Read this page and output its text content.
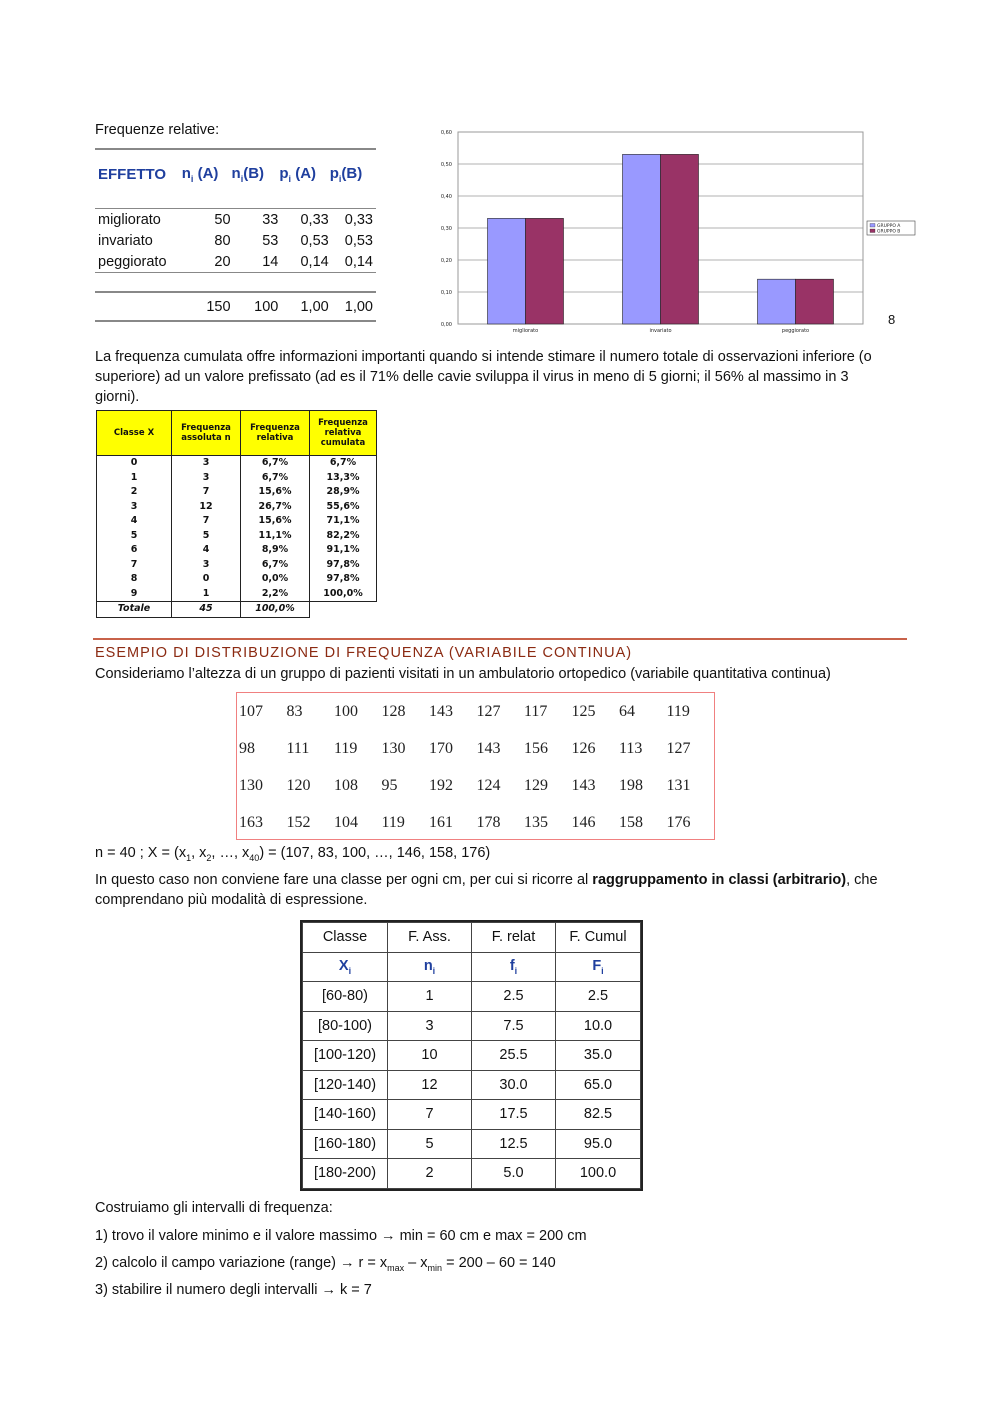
Frequenze relative:
EFFETTO	$n_i$ (A)	$n_i(B)$	$p_i$ (A)	$p_i(B)$

migliorato	50	33	0,33	0,33
invariato	80	53	0,53	0,53
peggiorato	20	14	0,14	0,14

	150	100	1,00	1,00
0,00
0,10
0,20
0,30
0,40
0,50
0,60
migliorato	invariato	peggiorato
GRUPPO A
GRUPPO B
8
La frequenza cumulata offre informazioni importanti quando si intende stimare il numero totale di osservazioni inferiore (o superiore) ad un valore prefissato (ad es il 71% delle cavie sviluppa il virus in meno di 5 giorni; il 56% al massimo in 3 giorni).
Classe X	Frequenza assoluta n	Frequenza relativa	Frequenza relativa cumulata
0	3	6,7%	6,7%
1	3	6,7%	13,3%
2	7	15,6%	28,9%
3	12	26,7%	55,6%
4	7	15,6%	71,1%
5	5	11,1%	82,2%
6	4	8,9%	91,1%
7	3	6,7%	97,8%
8	0	0,0%	97,8%
9	1	2,2%	100,0%
Totale	45	100,0%	
ESEMPIO DI DISTRIBUZIONE DI FREQUENZA (VARIABILE CONTINUA)
Consideriamo l’altezza di un gruppo di pazienti visitati in un ambulatorio ortopedico (variabile quantitativa continua)
107	83	100	128	143	127	117	125	64	119
98	111	119	130	170	143	156	126	113	127
130	120	108	95	192	124	129	143	198	131
163	152	104	119	161	178	135	146	158	176
n = 40 ; $X = (x_1$, $x_2$, …, $x_{40}) = (107$, 83, 100, …, 146, 158, 176)
In questo caso non conviene fare una classe per ogni cm, per cui si ricorre al raggruppamento in classi (arbitrario), che comprendano più modalità di espressione.
Classe	F. Ass.	F. relat	F. Cumul
$X_i$	$n_i$	$f_i$	$F_i$
[60-80)	1	2.5	2.5
[80-100)	3	7.5	10.0
[100-120)	10	25.5	35.0
[120-140)	12	30.0	65.0
[140-160)	7	17.5	82.5
[160-180)	5	12.5	95.0
[180-200)	2	5.0	100.0
Costruiamo gli intervalli di frequenza:
1) trovo il valore minimo e il valore massimo → min = 60 cm e max = 200 cm
2) calcolo il campo variazione (range) → $r = x_{max} - x_{min} = 200 - 60 = 140$
3) stabilire il numero degli intervalli → k = 7
